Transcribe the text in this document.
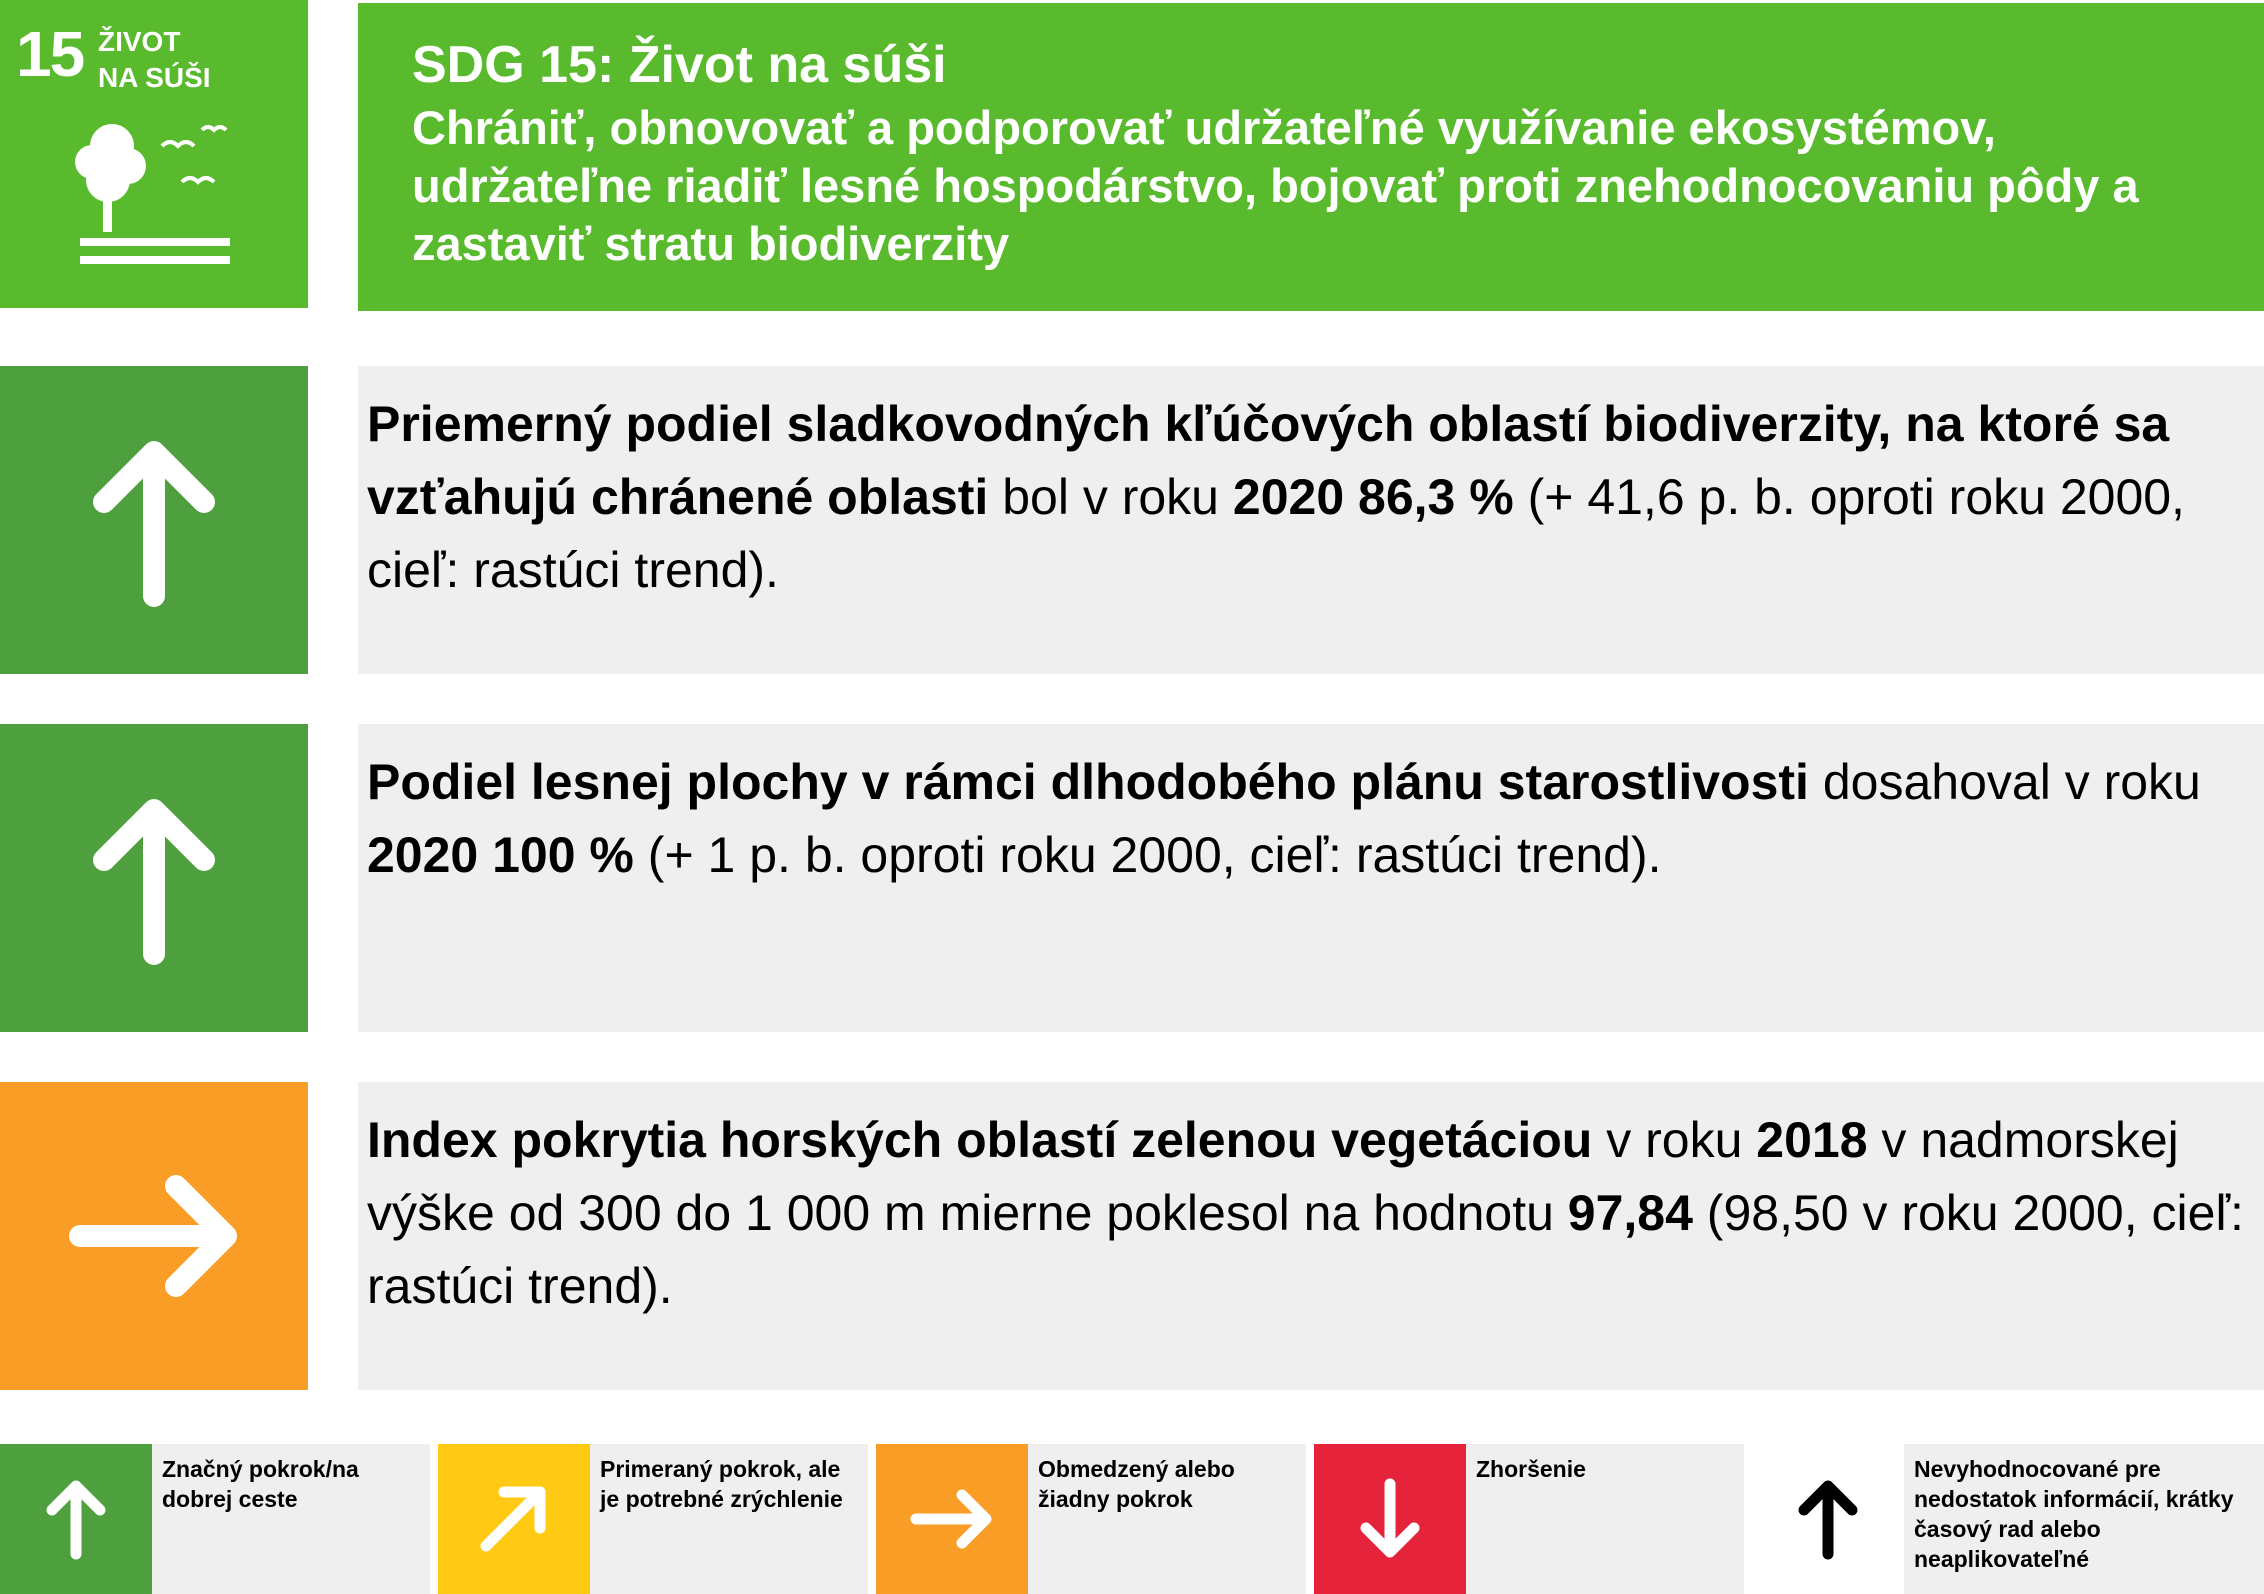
15 ŽIVOT
NA SÚŠI	SDG 15: Život na súši
Chrániť, obnovovať a podporovať udržateľné využívanie ekosystémov, udržateľne riadiť lesné hospodárstvo, bojovať proti znehodnocovaniu pôdy a zastaviť stratu biodiverzity

Priemerný podiel sladkovodných kľúčových oblastí biodiverzity, na ktoré sa vzťahujú chránené oblasti bol v roku 2020 86,3 % (+ 41,6 p. b. oproti roku 2000, cieľ: rastúci trend).

Podiel lesnej plochy v rámci dlhodobého plánu starostlivosti dosahoval v roku 2020 100 % (+ 1 p. b. oproti roku 2000, cieľ: rastúci trend).

Index pokrytia horských oblastí zelenou vegetáciou v roku 2018 v nadmorskej výške od 300 do 1 000 m mierne poklesol na hodnotu 97,84 (98,50 v roku 2000, cieľ: rastúci trend).

Značný pokrok/na dobrej ceste
Primeraný pokrok, ale je potrebné zrýchlenie
Obmedzený alebo žiadny pokrok
Zhoršenie	Nevyhodnocované pre nedostatok informácií, krátky časový rad alebo neaplikovateľné
